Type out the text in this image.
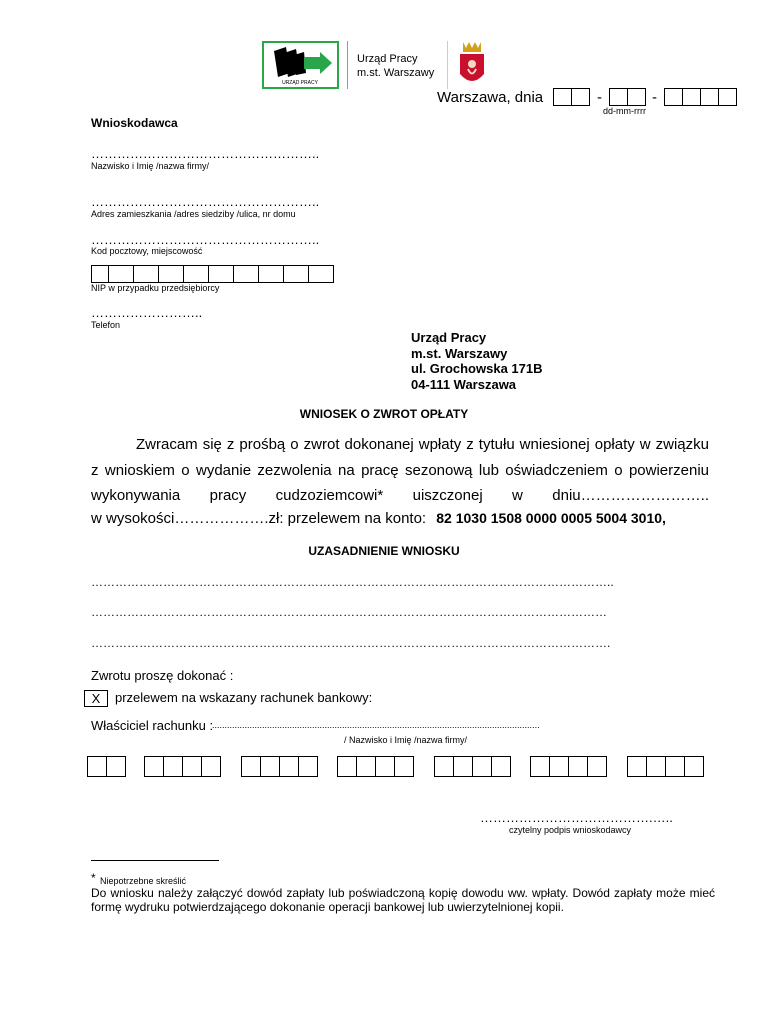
URZĄD PRACY
Urząd Pracy
m.st. Warszawy
Warszawa, dnia	-	-
dd-mm-rrrr
Wnioskodawca
……………………………………………..
Nazwisko i Imię /nazwa firmy/
……………………………………………..
Adres zamieszkania /adres siedziby /ulica, nr domu
……………………………………………..
Kod pocztowy, miejscowość
NIP w przypadku przedsiębiorcy
……………………..
Telefon
Urząd Pracy
m.st. Warszawy
ul. Grochowska 171B
04-111 Warszawa
WNIOSEK O ZWROT OPŁATY
Zwracam się z prośbą o zwrot dokonanej wpłaty z tytułu wniesionej opłaty w związku z wnioskiem o wydanie zezwolenia na pracę sezonową lub oświadczeniem o powierzeniu wykonywania pracy cudzoziemcowi* uiszczonej w dniu……………………..
w wysokości……………….zł: przelewem na konto: 82 1030 1508 0000 0005 5004 3010,
UZASADNIENIE WNIOSKU
…………………………………………………………………………………………………………………..
…………………………………………………………………………………………………………………
………………………………………………………………………………………………………………….
Zwrotu proszę dokonać :
X	przelewem na wskazany rachunek bankowy:
Właściciel rachunku :
...................................................................................................................................
/ Nazwisko i Imię /nazwa firmy/
………………………………….…..
czytelny podpis wnioskodawcy
* Niepotrzebne skreślić
Do wniosku należy załączyć dowód zapłaty lub poświadczoną kopię dowodu ww. wpłaty. Dowód zapłaty może mieć formę wydruku potwierdzającego dokonanie operacji bankowej lub uwierzytelnionej kopii.
